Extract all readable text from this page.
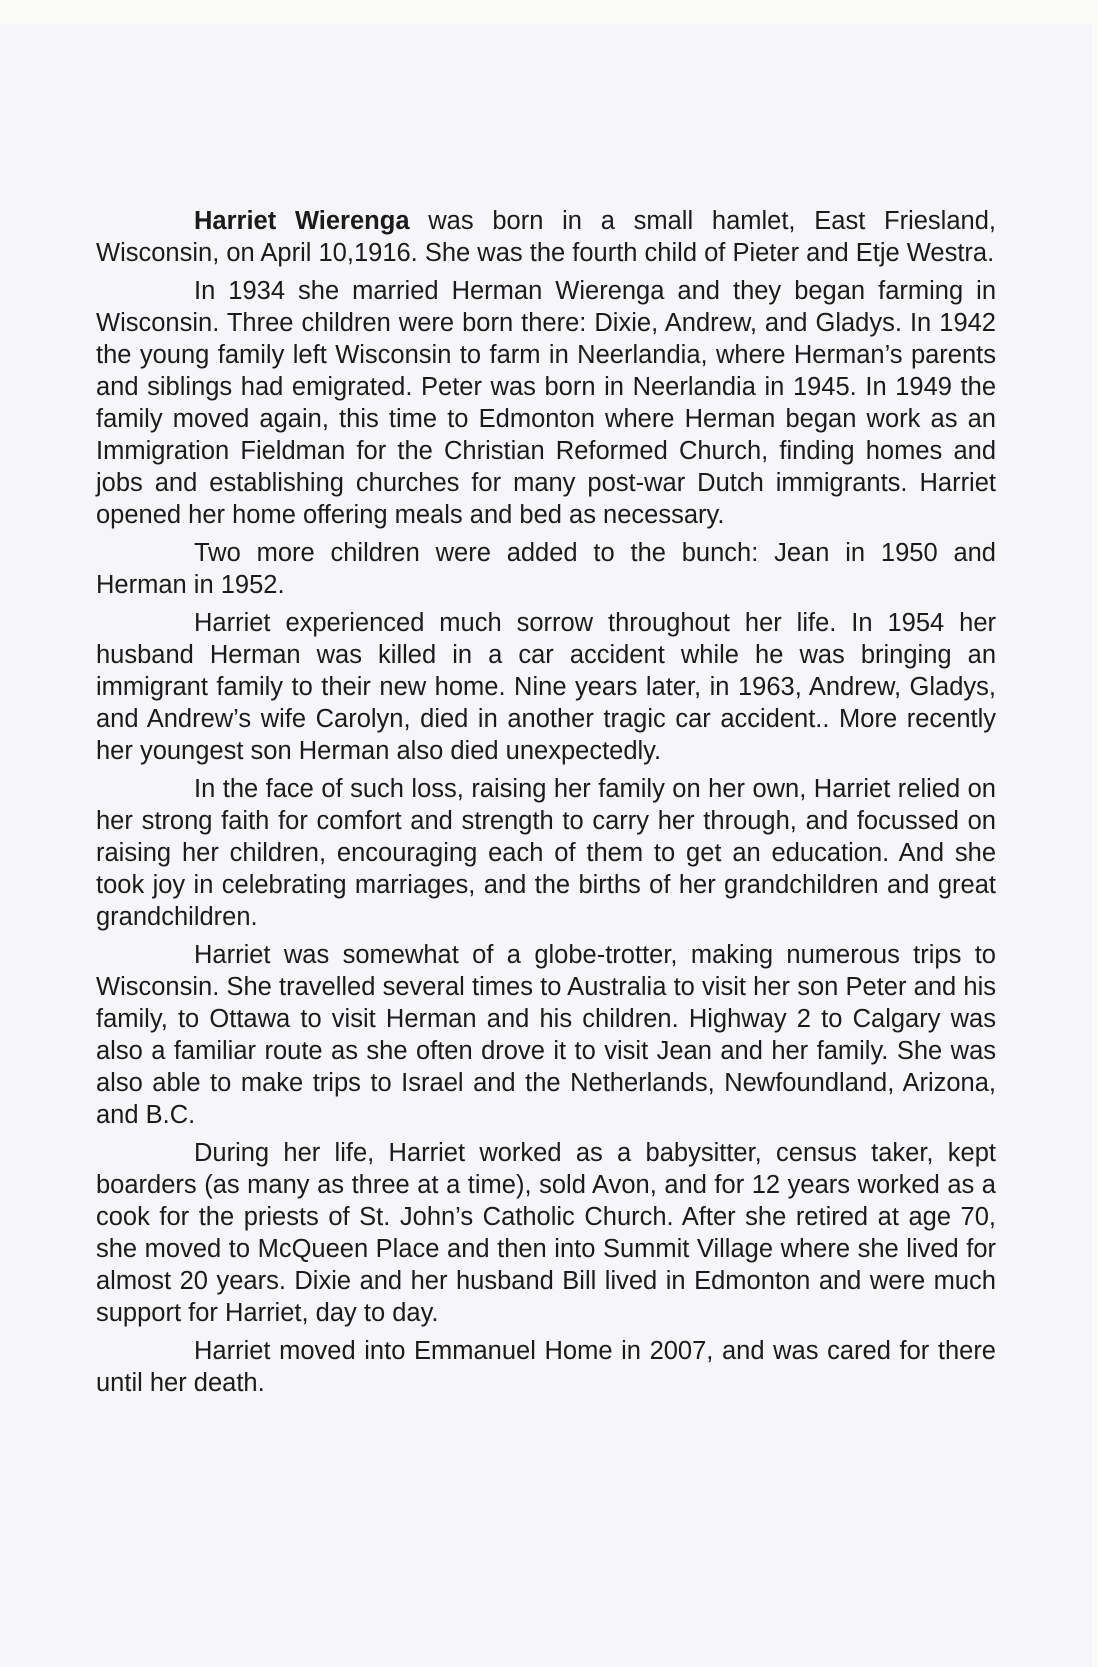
Harriet Wierenga was born in a small hamlet, East Friesland, Wisconsin, on April 10,1916. She was the fourth child of Pieter and Etje Westra.

In 1934 she married Herman Wierenga and they began farming in Wisconsin. Three children were born there: Dixie, Andrew, and Gladys. In 1942 the young family left Wisconsin to farm in Neerlandia, where Herman’s parents and siblings had emigrated. Peter was born in Neerlandia in 1945. In 1949 the family moved again, this time to Edmonton where Herman began work as an Immigration Fieldman for the Christian Reformed Church, finding homes and jobs and establishing churches for many post-war Dutch immigrants. Harriet opened her home offering meals and bed as necessary.

Two more children were added to the bunch: Jean in 1950 and Herman in 1952.

Harriet experienced much sorrow throughout her life. In 1954 her husband Herman was killed in a car accident while he was bringing an immigrant family to their new home. Nine years later, in 1963, Andrew, Gladys, and Andrew’s wife Carolyn, died in another tragic car accident.. More recently her youngest son Herman also died unexpectedly.

In the face of such loss, raising her family on her own, Harriet relied on her strong faith for comfort and strength to carry her through, and focussed on raising her children, encouraging each of them to get an education. And she took joy in celebrating marriages, and the births of her grandchildren and great grandchildren.

Harriet was somewhat of a globe-trotter, making numerous trips to Wisconsin. She travelled several times to Australia to visit her son Peter and his family, to Ottawa to visit Herman and his children. Highway 2 to Calgary was also a familiar route as she often drove it to visit Jean and her family. She was also able to make trips to Israel and the Netherlands, Newfoundland, Arizona, and B.C.

During her life, Harriet worked as a babysitter, census taker, kept boarders (as many as three at a time), sold Avon, and for 12 years worked as a cook for the priests of St. John’s Catholic Church. After she retired at age 70, she moved to McQueen Place and then into Summit Village where she lived for almost 20 years. Dixie and her husband Bill lived in Edmonton and were much support for Harriet, day to day.

Harriet moved into Emmanuel Home in 2007, and was cared for there until her death.
